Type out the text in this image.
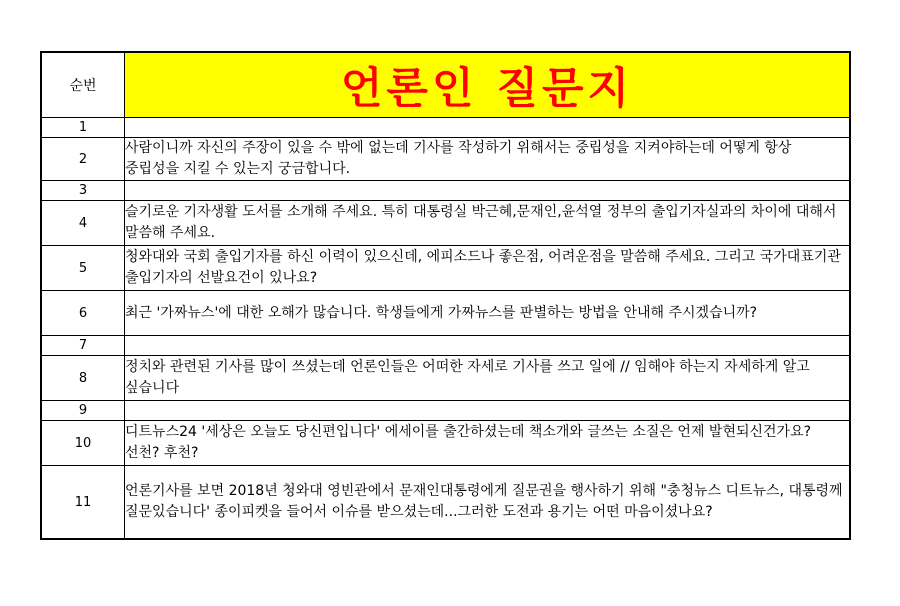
순번	언론인 질문지
1	
2	사람이니까 자신의 주장이 있을 수 밖에 없는데 기사를 작성하기 위해서는 중립성을 지켜야하는데 어떻게 항상 중립성을 지킬 수 있는지 궁금합니다.
3	
4	슬기로운 기자생활 도서를 소개해 주세요. 특히 대통령실 박근혜,문재인,윤석열 정부의 출입기자실과의 차이에 대해서 말씀해 주세요.
5	청와대와 국회 출입기자를 하신 이력이 있으신데, 에피소드나 좋은점, 어려운점을 말씀해 주세요. 그리고 국가대표기관 출입기자의 선발요건이 있나요?
6	최근 '가짜뉴스'에 대한 오해가 많습니다. 학생들에게 가짜뉴스를 판별하는 방법을 안내해 주시겠습니까?
7	
8	정치와 관련된 기사를 많이 쓰셨는데 언론인들은 어떠한 자세로 기사를 쓰고 일에 // 임해야 하는지 자세하게 알고 싶습니다
9	
10	디트뉴스24 '세상은 오늘도 당신편입니다' 에세이를 출간하셨는데 책소개와 글쓰는 소질은 언제 발현되신건가요? 선천? 후천?
11	언론기사를 보면 2018년 청와대 영빈관에서 문재인대통령에게 질문권을 행사하기 위해 "충청뉴스 디트뉴스, 대통령께 질문있습니다' 종이피켓을 들어서 이슈를 받으셨는데...그러한 도전과 용기는 어떤 마음이셨나요?
